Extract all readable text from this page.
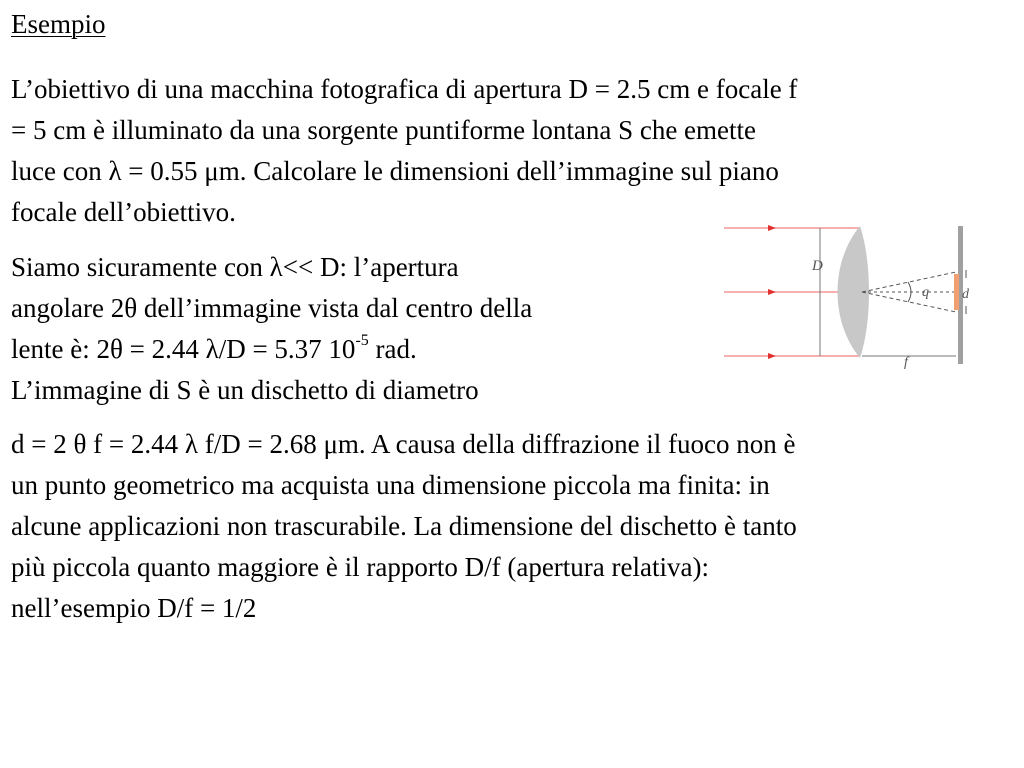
Esempio

L’obiettivo di una macchina fotografica di apertura D = 2.5 cm e focale f
= 5 cm è illuminato da una sorgente puntiforme lontana S che emette
luce con λ = 0.55 μm. Calcolare le dimensioni dell’immagine sul piano
focale dell’obiettivo.

Siamo sicuramente con λ<< D: l’apertura
angolare 2θ dell’immagine vista dal centro della
lente è: 2θ = 2.44 λ/D = 5.37 $10^{-5}$ rad.
L’immagine di S è un dischetto di diametro

d = 2 θ f = 2.44 λ f/D = 2.68 μm. A causa della diffrazione il fuoco non è
un punto geometrico ma acquista una dimensione piccola ma finita: in
alcune applicazioni non trascurabile. La dimensione del dischetto è tanto
più piccola quanto maggiore è il rapporto D/f (apertura relativa):
nell’esempio D/f = 1/2

D
q d
f
